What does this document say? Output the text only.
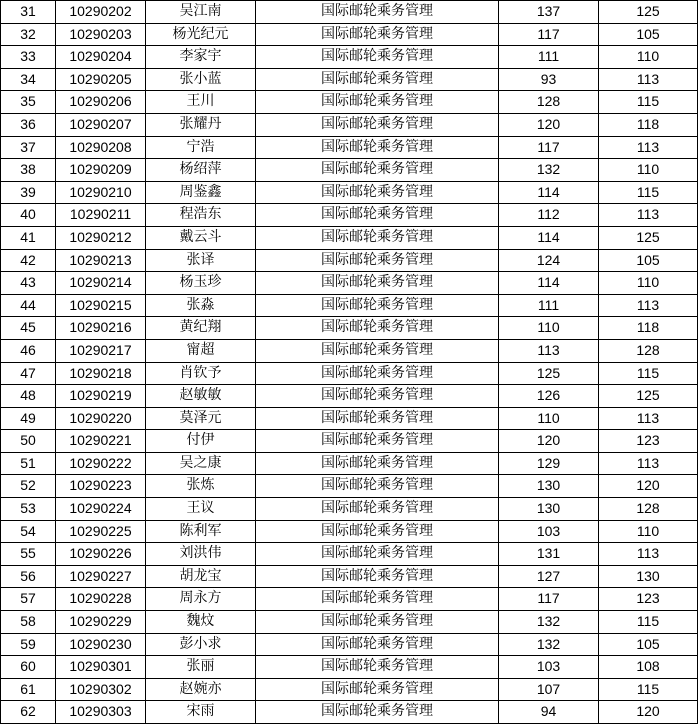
31	10290202	吴江南	国际邮轮乘务管理	137	125
32	10290203	杨光纪元	国际邮轮乘务管理	117	105
33	10290204	李家宇	国际邮轮乘务管理	111	110
34	10290205	张小蓝	国际邮轮乘务管理	93	113
35	10290206	王川	国际邮轮乘务管理	128	115
36	10290207	张耀丹	国际邮轮乘务管理	120	118
37	10290208	宁浩	国际邮轮乘务管理	117	113
38	10290209	杨绍萍	国际邮轮乘务管理	132	110
39	10290210	周鉴鑫	国际邮轮乘务管理	114	115
40	10290211	程浩东	国际邮轮乘务管理	112	113
41	10290212	戴云斗	国际邮轮乘务管理	114	125
42	10290213	张译	国际邮轮乘务管理	124	105
43	10290214	杨玉珍	国际邮轮乘务管理	114	110
44	10290215	张淼	国际邮轮乘务管理	111	113
45	10290216	黄纪翔	国际邮轮乘务管理	110	118
46	10290217	甯超	国际邮轮乘务管理	113	128
47	10290218	肖钦予	国际邮轮乘务管理	125	115
48	10290219	赵敏敏	国际邮轮乘务管理	126	125
49	10290220	莫泽元	国际邮轮乘务管理	110	113
50	10290221	付伊	国际邮轮乘务管理	120	123
51	10290222	吴之康	国际邮轮乘务管理	129	113
52	10290223	张炼	国际邮轮乘务管理	130	120
53	10290224	王议	国际邮轮乘务管理	130	128
54	10290225	陈利军	国际邮轮乘务管理	103	110
55	10290226	刘洪伟	国际邮轮乘务管理	131	113
56	10290227	胡龙宝	国际邮轮乘务管理	127	130
57	10290228	周永方	国际邮轮乘务管理	117	123
58	10290229	魏炆	国际邮轮乘务管理	132	115
59	10290230	彭小求	国际邮轮乘务管理	132	105
60	10290301	张丽	国际邮轮乘务管理	103	108
61	10290302	赵婉亦	国际邮轮乘务管理	107	115
62	10290303	宋雨	国际邮轮乘务管理	94	120
